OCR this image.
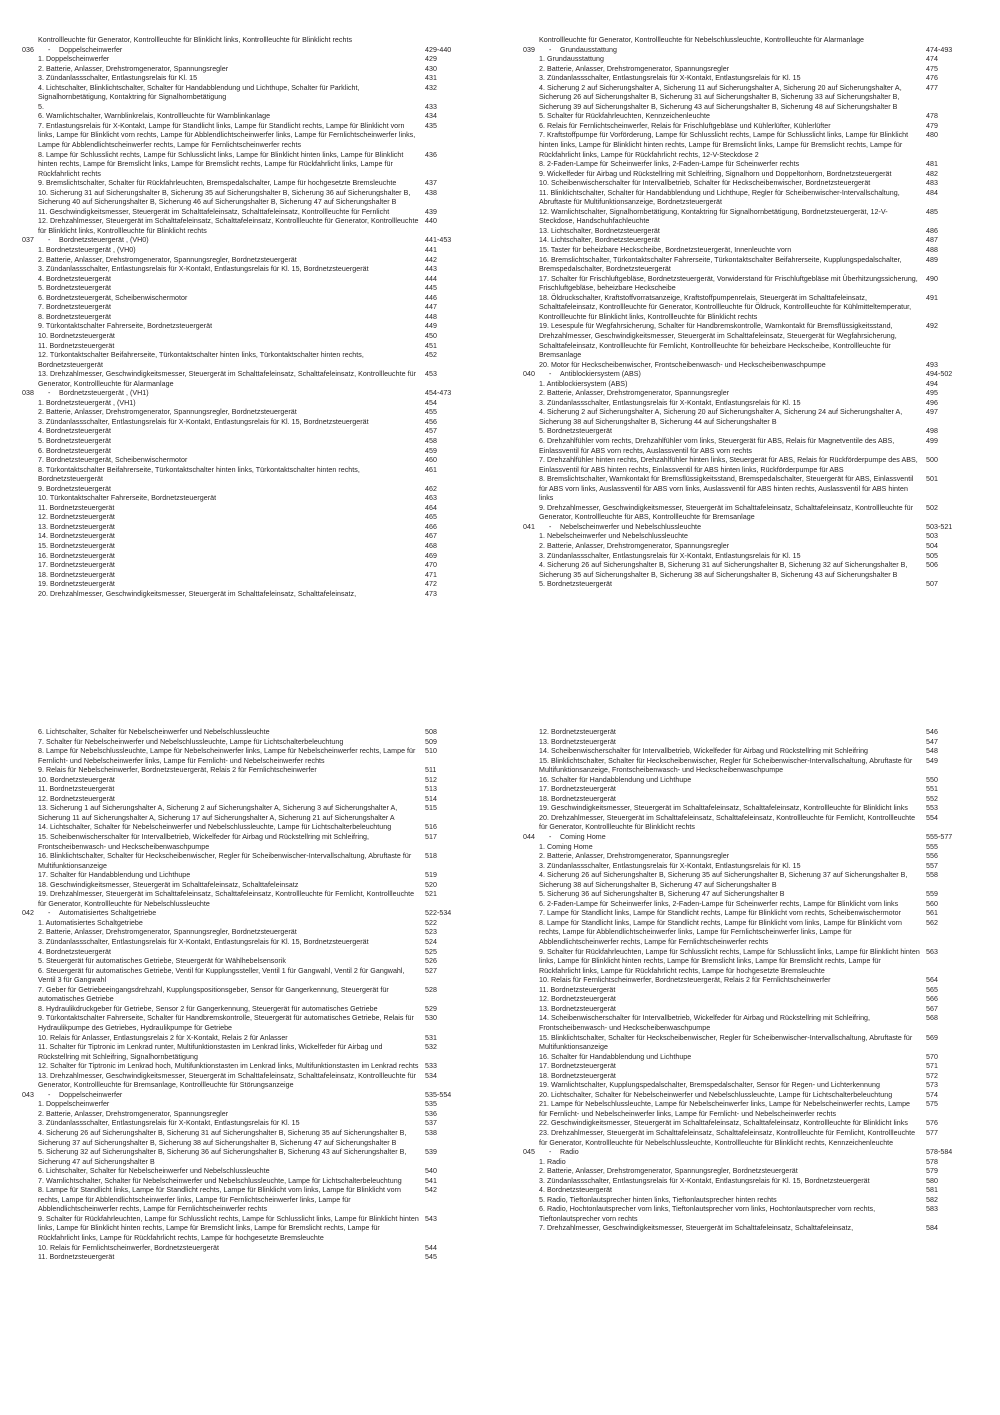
Kontrollleuchte für Generator, Kontrollleuchte für Blinklicht links, Kontrollleuchte für Blinklicht rechts
036	-	Doppelscheinwerfer	429-440
1. Doppelscheinwerfer	429
2. Batterie, Anlasser, Drehstromgenerator, Spannungsregler	430
3. Zündanlassschalter, Entlastungsrelais für Kl. 15	431
4. Lichtschalter, Blinklichtschalter, Schalter für Handabblendung und Lichthupe, Schalter für Parklicht, Signalhornbetätigung, Kontaktring für Signalhornbetätigung
432
5.	433
6. Warnlichtschalter, Warnblinkrelais, Kontrollleuchte für Warnblinkanlage	434
7. Entlastungsrelais für X-Kontakt, Lampe für Standlicht links, Lampe für Standlicht rechts, Lampe für Blinklicht vorn links, Lampe für Blinklicht vorn rechts, Lampe für Abblendlichtscheinwerfer links, Lampe für Fernlichtscheinwerfer links, Lampe für Abblendlichtscheinwerfer rechts, Lampe für Fernlichtscheinwerfer rechts
435
8. Lampe für Schlusslicht rechts, Lampe für Schlusslicht links, Lampe für Blinklicht hinten links, Lampe für Blinklicht hinten rechts, Lampe für Bremslicht links, Lampe für Bremslicht rechts, Lampe für Rückfahrlicht links, Lampe für Rückfahrlicht rechts
436
9. Bremslichtschalter, Schalter für Rückfahrleuchten, Bremspedalschalter, Lampe für hochgesetzte Bremsleuchte	437
10. Sicherung 31 auf Sicherungshalter B, Sicherung 35 auf Sicherungshalter B, Sicherung 36 auf Sicherungshalter B, Sicherung 40 auf Sicherungshalter B, Sicherung 46 auf Sicherungshalter B, Sicherung 47 auf Sicherungshalter B
438
11. Geschwindigkeitsmesser, Steuergerät im Schalttafeleinsatz, Schalttafeleinsatz, Kontrollleuchte für Fernlicht	439
12. Drehzahlmesser, Steuergerät im Schalttafeleinsatz, Schalttafeleinsatz, Kontrollleuchte für Generator, Kontrollleuchte für Blinklicht links, Kontrollleuchte für Blinklicht rechts
440
037	-	Bordnetzsteuergerät , (VH0)	441-453
1. Bordnetzsteuergerät , (VH0)	441
2. Batterie, Anlasser, Drehstromgenerator, Spannungsregler, Bordnetzsteuergerät	442
3. Zündanlassschalter, Entlastungsrelais für X-Kontakt, Entlastungsrelais für Kl. 15, Bordnetzsteuergerät	443
4. Bordnetzsteuergerät	444
5. Bordnetzsteuergerät	445
6. Bordnetzsteuergerät, Scheibenwischermotor	446
7. Bordnetzsteuergerät	447
8. Bordnetzsteuergerät	448
9. Türkontaktschalter Fahrerseite, Bordnetzsteuergerät	449
10. Bordnetzsteuergerät	450
11. Bordnetzsteuergerät	451
12. Türkontaktschalter Beifahrerseite, Türkontaktschalter hinten links, Türkontaktschalter hinten rechts, Bordnetzsteuergerät
452
13. Drehzahlmesser, Geschwindigkeitsmesser, Steuergerät im Schalttafeleinsatz, Schalttafeleinsatz, Kontrollleuchte für Generator, Kontrollleuchte für Alarmanlage
453
038	-	Bordnetzsteuergerät , (VH1)	454-473
1. Bordnetzsteuergerät , (VH1)	454
2. Batterie, Anlasser, Drehstromgenerator, Spannungsregler, Bordnetzsteuergerät	455
3. Zündanlassschalter, Entlastungsrelais für X-Kontakt, Entlastungsrelais für Kl. 15, Bordnetzsteuergerät	456
4. Bordnetzsteuergerät	457
5. Bordnetzsteuergerät	458
6. Bordnetzsteuergerät	459
7. Bordnetzsteuergerät, Scheibenwischermotor	460
8. Türkontaktschalter Beifahrerseite, Türkontaktschalter hinten links, Türkontaktschalter hinten rechts, Bordnetzsteuergerät
461
9. Bordnetzsteuergerät	462
10. Türkontaktschalter Fahrerseite, Bordnetzsteuergerät	463
11. Bordnetzsteuergerät	464
12. Bordnetzsteuergerät	465
13. Bordnetzsteuergerät	466
14. Bordnetzsteuergerät	467
15. Bordnetzsteuergerät	468
16. Bordnetzsteuergerät	469
17. Bordnetzsteuergerät	470
18. Bordnetzsteuergerät	471
19. Bordnetzsteuergerät	472
20. Drehzahlmesser, Geschwindigkeitsmesser, Steuergerät im Schalttafeleinsatz, Schalttafeleinsatz,	473
Kontrollleuchte für Generator, Kontrollleuchte für Nebelschlussleuchte, Kontrollleuchte für Alarmanlage
039	-	Grundausstattung	474-493
1. Grundausstattung	474
2. Batterie, Anlasser, Drehstromgenerator, Spannungsregler	475
3. Zündanlassschalter, Entlastungsrelais für X-Kontakt, Entlastungsrelais für Kl. 15	476
4. Sicherung 2 auf Sicherungshalter A, Sicherung 11 auf Sicherungshalter A, Sicherung 20 auf Sicherungshalter A, Sicherung 26 auf Sicherungshalter B, Sicherung 31 auf Sicherungshalter B, Sicherung 33 auf Sicherungshalter B, Sicherung 39 auf Sicherungshalter B, Sicherung 43 auf Sicherungshalter B, Sicherung 48 auf Sicherungshalter B
477
5. Schalter für Rückfahrleuchten, Kennzeichenleuchte	478
6. Relais für Fernlichtscheinwerfer, Relais für Frischluftgebläse und Kühlerlüfter, Kühlerlüfter	479
7. Kraftstoffpumpe für Vorförderung, Lampe für Schlusslicht rechts, Lampe für Schlusslicht links, Lampe für Blinklicht hinten links, Lampe für Blinklicht hinten rechts, Lampe für Bremslicht links, Lampe für Bremslicht rechts, Lampe für Rückfahrlicht links, Lampe für Rückfahrlicht rechts, 12-V-Steckdose 2
480
8. 2-Faden-Lampe für Scheinwerfer links, 2-Faden-Lampe für Scheinwerfer rechts	481
9. Wickelfeder für Airbag und Rückstellring mit Schleifring, Signalhorn und Doppeltonhorn, Bordnetzsteuergerät	482
10. Scheibenwischerschalter für Intervallbetrieb, Schalter für Heckscheibenwischer, Bordnetzsteuergerät	483
11. Blinklichtschalter, Schalter für Handabblendung und Lichthupe, Regler für Scheibenwischer-Intervallschaltung, Abruftaste für Multifunktionsanzeige, Bordnetzsteuergerät
484
12. Warnlichtschalter, Signalhornbetätigung, Kontaktring für Signalhornbetätigung, Bordnetzsteuergerät, 12-V-Steckdose, Handschuhfachleuchte
485
13. Lichtschalter, Bordnetzsteuergerät	486
14. Lichtschalter, Bordnetzsteuergerät	487
15. Taster für beheizbare Heckscheibe, Bordnetzsteuergerät, Innenleuchte vorn	488
16. Bremslichtschalter, Türkontaktschalter Fahrerseite, Türkontaktschalter Beifahrerseite, Kupplungspedalschalter, Bremspedalschalter, Bordnetzsteuergerät
489
17. Schalter für Frischluftgebläse, Bordnetzsteuergerät, Vorwiderstand für Frischluftgebläse mit Überhitzungssicherung, Frischluftgebläse, beheizbare Heckscheibe
490
18. Öldruckschalter, Kraftstoffvorratsanzeige, Kraftstoffpumpenrelais, Steuergerät im Schalttafeleinsatz, Schalttafeleinsatz, Kontrollleuchte für Generator, Kontrollleuchte für Öldruck, Kontrollleuchte für Kühlmitteltemperatur, Kontrollleuchte für Blinklicht links, Kontrollleuchte für Blinklicht rechts
491
19. Lesespule für Wegfahrsicherung, Schalter für Handbremskontrolle, Warnkontakt für Bremsflüssigkeitsstand, Drehzahlmesser, Geschwindigkeitsmesser, Steuergerät im Schalttafeleinsatz, Steuergerät für Wegfahrsicherung, Schalttafeleinsatz, Kontrollleuchte für Fernlicht, Kontrollleuchte für beheizbare Heckscheibe, Kontrollleuchte für Bremsanlage
492
20. Motor für Heckscheibenwischer, Frontscheibenwasch- und Heckscheibenwaschpumpe	493
040	-	Antiblockiersystem (ABS)	494-502
1. Antiblockiersystem (ABS)	494
2. Batterie, Anlasser, Drehstromgenerator, Spannungsregler	495
3. Zündanlassschalter, Entlastungsrelais für X-Kontakt, Entlastungsrelais für Kl. 15	496
4. Sicherung 2 auf Sicherungshalter A, Sicherung 20 auf Sicherungshalter A, Sicherung 24 auf Sicherungshalter A, Sicherung 38 auf Sicherungshalter B, Sicherung 44 auf Sicherungshalter B
497
5. Bordnetzsteuergerät	498
6. Drehzahlfühler vorn rechts, Drehzahlfühler vorn links, Steuergerät für ABS, Relais für Magnetventile des ABS, Einlassventil für ABS vorn rechts, Auslassventil für ABS vorn rechts
499
7. Drehzahlfühler hinten rechts, Drehzahlfühler hinten links, Steuergerät für ABS, Relais für Rückförderpumpe des ABS, Einlassventil für ABS hinten rechts, Einlassventil für ABS hinten links, Rückförderpumpe für ABS
500
8. Bremslichtschalter, Warnkontakt für Bremsflüssigkeitsstand, Bremspedalschalter, Steuergerät für ABS, Einlassventil für ABS vorn links, Auslassventil für ABS vorn links, Auslassventil für ABS hinten rechts, Auslassventil für ABS hinten links
501
9. Drehzahlmesser, Geschwindigkeitsmesser, Steuergerät im Schalttafeleinsatz, Schalttafeleinsatz, Kontrollleuchte für Generator, Kontrollleuchte für ABS, Kontrollleuchte für Bremsanlage
502
041	-	Nebelscheinwerfer und Nebelschlussleuchte	503-521
1. Nebelscheinwerfer und Nebelschlussleuchte	503
2. Batterie, Anlasser, Drehstromgenerator, Spannungsregler	504
3. Zündanlassschalter, Entlastungsrelais für X-Kontakt, Entlastungsrelais für Kl. 15	505
4. Sicherung 26 auf Sicherungshalter B, Sicherung 31 auf Sicherungshalter B, Sicherung 32 auf Sicherungshalter B, Sicherung 35 auf Sicherungshalter B, Sicherung 38 auf Sicherungshalter B, Sicherung 43 auf Sicherungshalter B
506
5. Bordnetzsteuergerät	507
6. Lichtschalter, Schalter für Nebelscheinwerfer und Nebelschlussleuchte	508
7. Schalter für Nebelscheinwerfer und Nebelschlussleuchte, Lampe für Lichtschalterbeleuchtung	509
8. Lampe für Nebelschlussleuchte, Lampe für Nebelscheinwerfer links, Lampe für Nebelscheinwerfer rechts, Lampe für Fernlicht- und Nebelscheinwerfer links, Lampe für Fernlicht- und Nebelscheinwerfer rechts
510
9. Relais für Nebelscheinwerfer, Bordnetzsteuergerät, Relais 2 für Fernlichtscheinwerfer	511
10. Bordnetzsteuergerät	512
11. Bordnetzsteuergerät	513
12. Bordnetzsteuergerät	514
13. Sicherung 1 auf Sicherungshalter A, Sicherung 2 auf Sicherungshalter A, Sicherung 3 auf Sicherungshalter A, Sicherung 11 auf Sicherungshalter A, Sicherung 17 auf Sicherungshalter A, Sicherung 21 auf Sicherungshalter A
515
14. Lichtschalter, Schalter für Nebelscheinwerfer und Nebelschlussleuchte, Lampe für Lichtschalterbeleuchtung	516
15. Scheibenwischerschalter für Intervallbetrieb, Wickelfeder für Airbag und Rückstellring mit Schleifring, Frontscheibenwasch- und Heckscheibenwaschpumpe
517
16. Blinklichtschalter, Schalter für Heckscheibenwischer, Regler für Scheibenwischer-Intervallschaltung, Abruftaste für Multifunktionsanzeige
518
17. Schalter für Handabblendung und Lichthupe	519
18. Geschwindigkeitsmesser, Steuergerät im Schalttafeleinsatz, Schalttafeleinsatz	520
19. Drehzahlmesser, Steuergerät im Schalttafeleinsatz, Schalttafeleinsatz, Kontrollleuchte für Fernlicht, Kontrollleuchte für Generator, Kontrollleuchte für Nebelschlussleuchte
521
042	-	Automatisiertes Schaltgetriebe	522-534
1. Automatisiertes Schaltgetriebe	522
2. Batterie, Anlasser, Drehstromgenerator, Spannungsregler, Bordnetzsteuergerät	523
3. Zündanlassschalter, Entlastungsrelais für X-Kontakt, Entlastungsrelais für Kl. 15, Bordnetzsteuergerät	524
4. Bordnetzsteuergerät	525
5. Steuergerät für automatisches Getriebe, Steuergerät für Wählhebelsensorik	526
6. Steuergerät für automatisches Getriebe, Ventil für Kupplungssteller, Ventil 1 für Gangwahl, Ventil 2 für Gangwahl, Ventil 3 für Gangwahl
527
7. Geber für Getriebeeingangsdrehzahl, Kupplungspositionsgeber, Sensor für Gangerkennung, Steuergerät für automatisches Getriebe
528
8. Hydraulikdruckgeber für Getriebe, Sensor 2 für Gangerkennung, Steuergerät für automatisches Getriebe	529
9. Türkontaktschalter Fahrerseite, Schalter für Handbremskontrolle, Steuergerät für automatisches Getriebe, Relais für Hydraulikpumpe des Getriebes, Hydraulikpumpe für Getriebe
530
10. Relais für Anlasser, Entlastungsrelais 2 für X-Kontakt, Relais 2 für Anlasser	531
11. Schalter für Tiptronic im Lenkrad runter, Multifunktionstasten im Lenkrad links, Wickelfeder für Airbag und Rückstellring mit Schleifring, Signalhornbetätigung
532
12. Schalter für Tiptronic im Lenkrad hoch, Multifunktionstasten im Lenkrad links, Multifunktionstasten im Lenkrad rechts 533
13. Drehzahlmesser, Geschwindigkeitsmesser, Steuergerät im Schalttafeleinsatz, Schalttafeleinsatz, Kontrollleuchte für Generator, Kontrollleuchte für Bremsanlage, Kontrollleuchte für Störungsanzeige
534
043	-	Doppelscheinwerfer	535-554
1. Doppelscheinwerfer	535
2. Batterie, Anlasser, Drehstromgenerator, Spannungsregler	536
3. Zündanlassschalter, Entlastungsrelais für X-Kontakt, Entlastungsrelais für Kl. 15	537
4. Sicherung 26 auf Sicherungshalter B, Sicherung 31 auf Sicherungshalter B, Sicherung 35 auf Sicherungshalter B, Sicherung 37 auf Sicherungshalter B, Sicherung 38 auf Sicherungshalter B, Sicherung 47 auf Sicherungshalter B
538
5. Sicherung 32 auf Sicherungshalter B, Sicherung 36 auf Sicherungshalter B, Sicherung 43 auf Sicherungshalter B, Sicherung 47 auf Sicherungshalter B
539
6. Lichtschalter, Schalter für Nebelscheinwerfer und Nebelschlussleuchte	540
7. Warnlichtschalter, Schalter für Nebelscheinwerfer und Nebelschlussleuchte, Lampe für Lichtschalterbeleuchtung	541
8. Lampe für Standlicht links, Lampe für Standlicht rechts, Lampe für Blinklicht vorn links, Lampe für Blinklicht vorn rechts, Lampe für Abblendlichtscheinwerfer links, Lampe für Fernlichtscheinwerfer links, Lampe für Abblendlichtscheinwerfer rechts, Lampe für Fernlichtscheinwerfer rechts
542
9. Schalter für Rückfahrleuchten, Lampe für Schlusslicht rechts, Lampe für Schlusslicht links, Lampe für Blinklicht hinten links, Lampe für Blinklicht hinten rechts, Lampe für Bremslicht links, Lampe für Bremslicht rechts, Lampe für Rückfahrlicht links, Lampe für Rückfahrlicht rechts, Lampe für hochgesetzte Bremsleuchte
543
10. Relais für Fernlichtscheinwerfer, Bordnetzsteuergerät	544
11. Bordnetzsteuergerät	545
12. Bordnetzsteuergerät	546
13. Bordnetzsteuergerät	547
14. Scheibenwischerschalter für Intervallbetrieb, Wickelfeder für Airbag und Rückstellring mit Schleifring	548
15. Blinklichtschalter, Schalter für Heckscheibenwischer, Regler für Scheibenwischer-Intervallschaltung, Abruftaste für Multifunktionsanzeige, Frontscheibenwasch- und Heckscheibenwaschpumpe
549
16. Schalter für Handabblendung und Lichthupe	550
17. Bordnetzsteuergerät	551
18. Bordnetzsteuergerät	552
19. Geschwindigkeitsmesser, Steuergerät im Schalttafeleinsatz, Schalttafeleinsatz, Kontrollleuchte für Blinklicht links	553
20. Drehzahlmesser, Steuergerät im Schalttafeleinsatz, Schalttafeleinsatz, Kontrollleuchte für Fernlicht, Kontrollleuchte für Generator, Kontrollleuchte für Blinklicht rechts
554
044	-	Coming Home	555-577
1. Coming Home	555
2. Batterie, Anlasser, Drehstromgenerator, Spannungsregler	556
3. Zündanlassschalter, Entlastungsrelais für X-Kontakt, Entlastungsrelais für Kl. 15	557
4. Sicherung 26 auf Sicherungshalter B, Sicherung 35 auf Sicherungshalter B, Sicherung 37 auf Sicherungshalter B, Sicherung 38 auf Sicherungshalter B, Sicherung 47 auf Sicherungshalter B
558
5. Sicherung 36 auf Sicherungshalter B, Sicherung 47 auf Sicherungshalter B	559
6. 2-Faden-Lampe für Scheinwerfer links, 2-Faden-Lampe für Scheinwerfer rechts, Lampe für Blinklicht vorn links	560
7. Lampe für Standlicht links, Lampe für Standlicht rechts, Lampe für Blinklicht vorn rechts, Scheibenwischermotor	561
8. Lampe für Standlicht links, Lampe für Standlicht rechts, Lampe für Blinklicht vorn links, Lampe für Blinklicht vorn rechts, Lampe für Abblendlichtscheinwerfer links, Lampe für Fernlichtscheinwerfer links, Lampe für Abblendlichtscheinwerfer rechts, Lampe für Fernlichtscheinwerfer rechts
562
9. Schalter für Rückfahrleuchten, Lampe für Schlusslicht rechts, Lampe für Schlusslicht links, Lampe für Blinklicht hinten links, Lampe für Blinklicht hinten rechts, Lampe für Bremslicht links, Lampe für Bremslicht rechts, Lampe für Rückfahrlicht links, Lampe für Rückfahrlicht rechts, Lampe für hochgesetzte Bremsleuchte
563
10. Relais für Fernlichtscheinwerfer, Bordnetzsteuergerät, Relais 2 für Fernlichtscheinwerfer	564
11. Bordnetzsteuergerät	565
12. Bordnetzsteuergerät	566
13. Bordnetzsteuergerät	567
14. Scheibenwischerschalter für Intervallbetrieb, Wickelfeder für Airbag und Rückstellring mit Schleifring, Frontscheibenwasch- und Heckscheibenwaschpumpe
568
15. Blinklichtschalter, Schalter für Heckscheibenwischer, Regler für Scheibenwischer-Intervallschaltung, Abruftaste für Multifunktionsanzeige
569
16. Schalter für Handabblendung und Lichthupe	570
17. Bordnetzsteuergerät	571
18. Bordnetzsteuergerät	572
19. Warnlichtschalter, Kupplungspedalschalter, Bremspedalschalter, Sensor für Regen- und Lichterkennung	573
20. Lichtschalter, Schalter für Nebelscheinwerfer und Nebelschlussleuchte, Lampe für Lichtschalterbeleuchtung	574
21. Lampe für Nebelschlussleuchte, Lampe für Nebelscheinwerfer links, Lampe für Nebelscheinwerfer rechts, Lampe für Fernlicht- und Nebelscheinwerfer links, Lampe für Fernlicht- und Nebelscheinwerfer rechts
575
22. Geschwindigkeitsmesser, Steuergerät im Schalttafeleinsatz, Schalttafeleinsatz, Kontrollleuchte für Blinklicht links	576
23. Drehzahlmesser, Steuergerät im Schalttafeleinsatz, Schalttafeleinsatz, Kontrollleuchte für Fernlicht, Kontrollleuchte für Generator, Kontrollleuchte für Nebelschlussleuchte, Kontrollleuchte für Blinklicht rechts, Kennzeichenleuchte
577
045	-	Radio	578-584
1. Radio	578
2. Batterie, Anlasser, Drehstromgenerator, Spannungsregler, Bordnetzsteuergerät	579
3. Zündanlassschalter, Entlastungsrelais für X-Kontakt, Entlastungsrelais für Kl. 15, Bordnetzsteuergerät	580
4. Bordnetzsteuergerät	581
5. Radio, Tieftonlautsprecher hinten links, Tieftonlautsprecher hinten rechts	582
6. Radio, Hochtonlautsprecher vorn links, Tieftonlautsprecher vorn links, Hochtonlautsprecher vorn rechts, Tieftonlautsprecher vorn rechts
583
7. Drehzahlmesser, Geschwindigkeitsmesser, Steuergerät im Schalttafeleinsatz, Schalttafeleinsatz,	584
